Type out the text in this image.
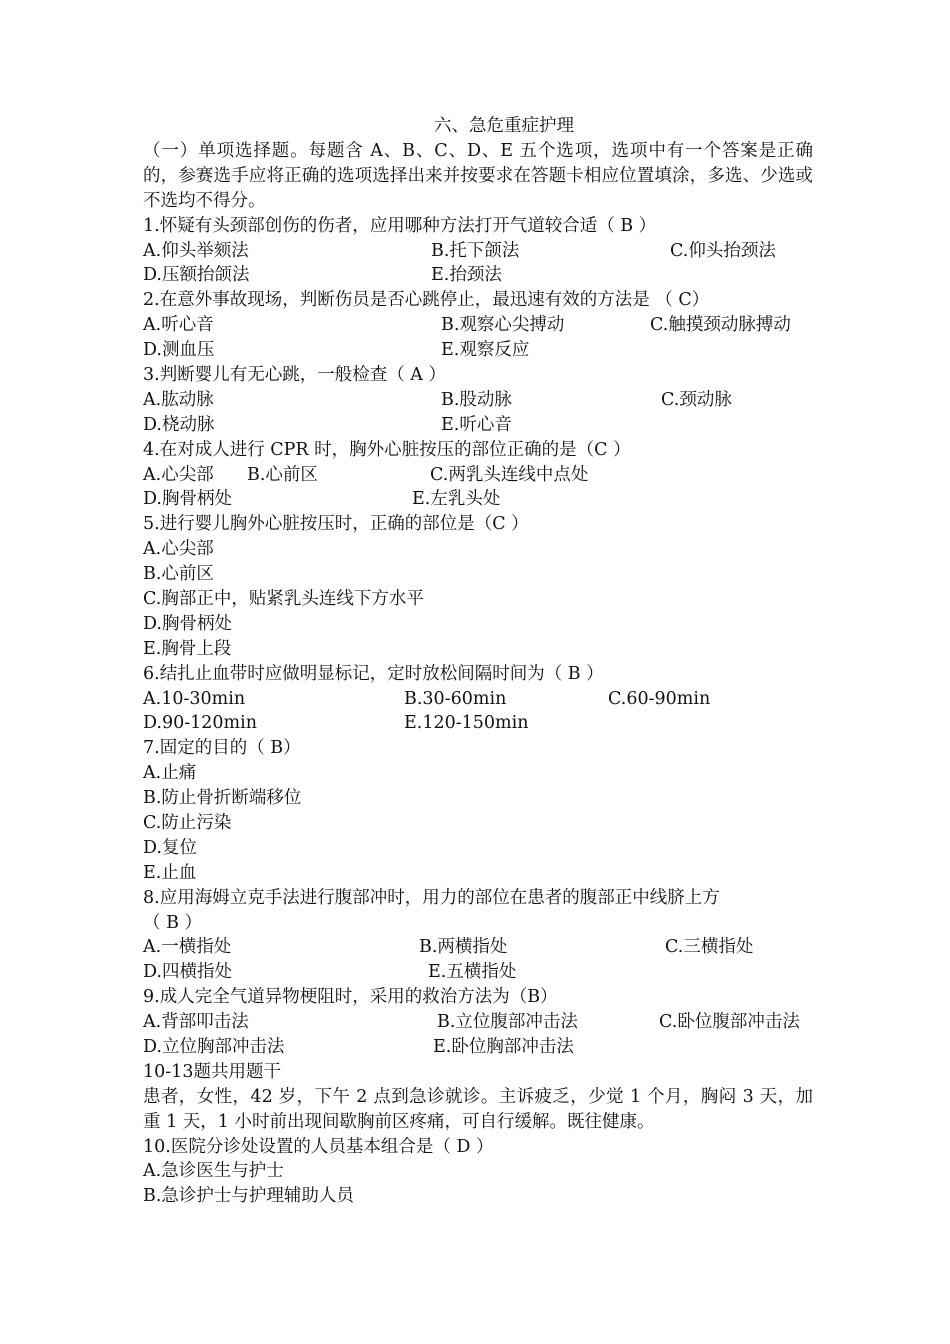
六、急危重症护理
（一）单项选择题。每题含 A、B、C、D、E 五个选项，选项中有一个答案是正确的，参赛选手应将正确的选项选择出来并按要求在答题卡相应位置填涂，多选、少选或不选均不得分。
1.怀疑有头颈部创伤的伤者，应用哪种方法打开气道较合适（ B ）
A.仰头举颏法	B.托下颌法	C.仰头抬颈法
D.压额抬颌法	E.抬颈法
2.在意外事故现场，判断伤员是否心跳停止，最迅速有效的方法是 （ C）
A.听心音	B.观察心尖搏动	C.触摸颈动脉搏动
D.测血压	E.观察反应
3.判断婴儿有无心跳，一般检查（ A ）
A.肱动脉	B.股动脉	C.颈动脉
D.桡动脉	E.听心音
4.在对成人进行 CPR 时，胸外心脏按压的部位正确的是（C ）
A.心尖部 B.心前区	C.两乳头连线中点处
D.胸骨柄处	E.左乳头处
5.进行婴儿胸外心脏按压时，正确的部位是（C ）
A.心尖部
B.心前区
C.胸部正中，贴紧乳头连线下方水平
D.胸骨柄处
E.胸骨上段
6.结扎止血带时应做明显标记，定时放松间隔时间为（ B ）
A.10-30min	B.30-60min	C.60-90min
D.90-120min	E.120-150min
7.固定的目的（ B）
A.止痛
B.防止骨折断端移位
C.防止污染
D.复位
E.止血
8.应用海姆立克手法进行腹部冲时，用力的部位在患者的腹部正中线脐上方
（ B ）
A.一横指处	B.两横指处	C.三横指处
D.四横指处	E.五横指处
9.成人完全气道异物梗阻时，采用的救治方法为（B）
A.背部叩击法	B.立位腹部冲击法	C.卧位腹部冲击法
D.立位胸部冲击法	E.卧位胸部冲击法
10-13题共用题干
患者，女性，42 岁，下午 2 点到急诊就诊。主诉疲乏，少觉 1 个月，胸闷 3 天，加重 1 天，1 小时前出现间歇胸前区疼痛，可自行缓解。既往健康。
10.医院分诊处设置的人员基本组合是（ D ）
A.急诊医生与护士
B.急诊护士与护理辅助人员
